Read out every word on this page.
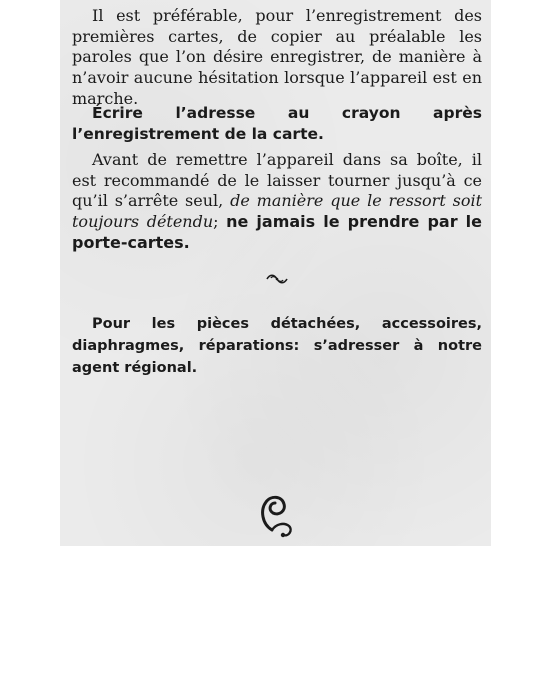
Il est préférable, pour l’enregistrement des premières cartes, de copier au préalable les paroles que l’on désire enregistrer, de manière à n’avoir aucune hésitation lorsque l’appareil est en marche.

Écrire l’adresse au crayon après l’enregistrement de la carte.

Avant de remettre l’appareil dans sa boîte, il est recommandé de le laisser tourner jusqu’à ce qu’il s’arrête seul, de manière que le ressort soit toujours détendu; ne jamais le prendre par le porte-cartes.

Pour les pièces détachées, accessoires, diaphragmes, réparations: s’adresser à notre agent régional.
